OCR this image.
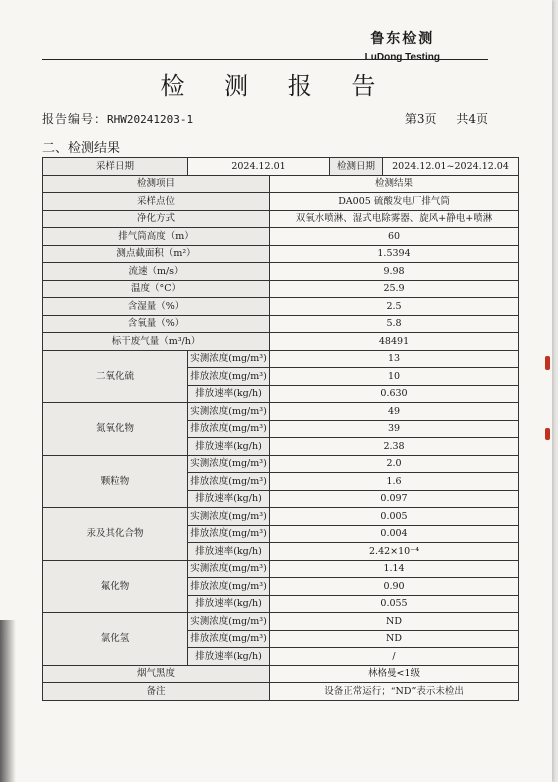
鲁东检测
LuDong Testing
检 测 报 告
报告编号：RHW20241203-1	第3页 共4页
二、检测结果
采样日期	2024.12.01		检测日期	2024.12.01~2024.12.04
检测项目		检测结果		
采样点位		DA005 硫酸发电厂排气筒		
净化方式		双氧水喷淋、湿式电除雾器、旋风+静电+喷淋		
排气筒高度（m）		60		
测点截面积（m²）		1.5394		
流速（m/s）		9.98		
温度（°C）		25.9		
含湿量（%）		2.5		
含氧量（%）		5.8		
标干废气量（m³/h）		48491		
二氧化硫	实测浓度(mg/m³)	13		
	排放浓度(mg/m³)	10		
	排放速率(kg/h)	0.630		
氮氧化物	实测浓度(mg/m³)	49		
	排放浓度(mg/m³)	39		
	排放速率(kg/h)	2.38		
颗粒物	实测浓度(mg/m³)	2.0		
	排放浓度(mg/m³)	1.6		
	排放速率(kg/h)	0.097		
汞及其化合物	实测浓度(mg/m³)	0.005		
	排放浓度(mg/m³)	0.004		
	排放速率(kg/h)	2.42×10⁻⁴		
氟化物	实测浓度(mg/m³)	1.14		
	排放浓度(mg/m³)	0.90		
	排放速率(kg/h)	0.055		
氯化氢	实测浓度(mg/m³)	ND		
	排放浓度(mg/m³)	ND		
	排放速率(kg/h)	/		
烟气黑度		林格曼<1级		
备注		设备正常运行；“ND”表示未检出		
